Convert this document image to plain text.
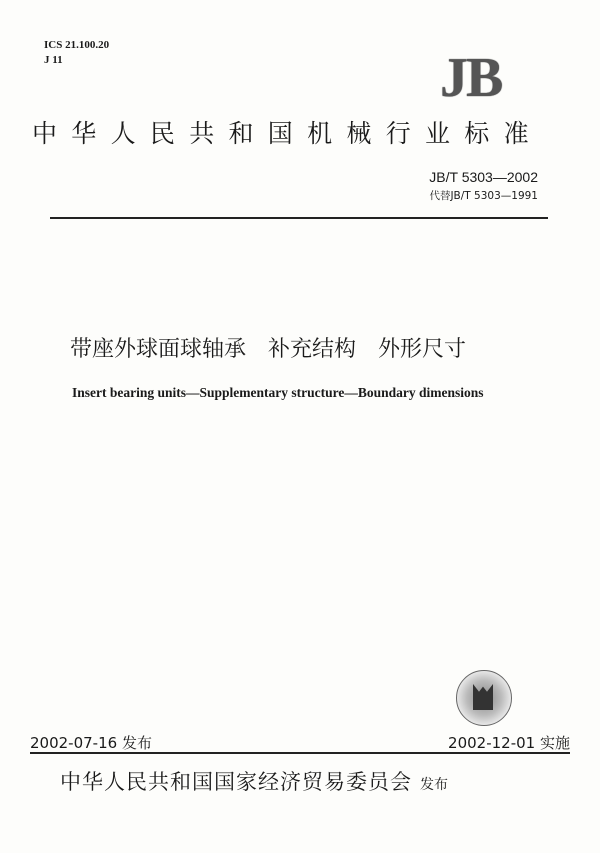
ICS 21.100.20
J 11	JB
中华人民共和国机械行业标准
JB/T 5303—2002
代替JB/T 5303—1991
带座外球面球轴承 补充结构 外形尺寸
Insert bearing units—Supplementary structure—Boundary dimensions
2002-07-16 发布	2002-12-01 实施
中华人民共和国国家经济贸易委员会 发布
